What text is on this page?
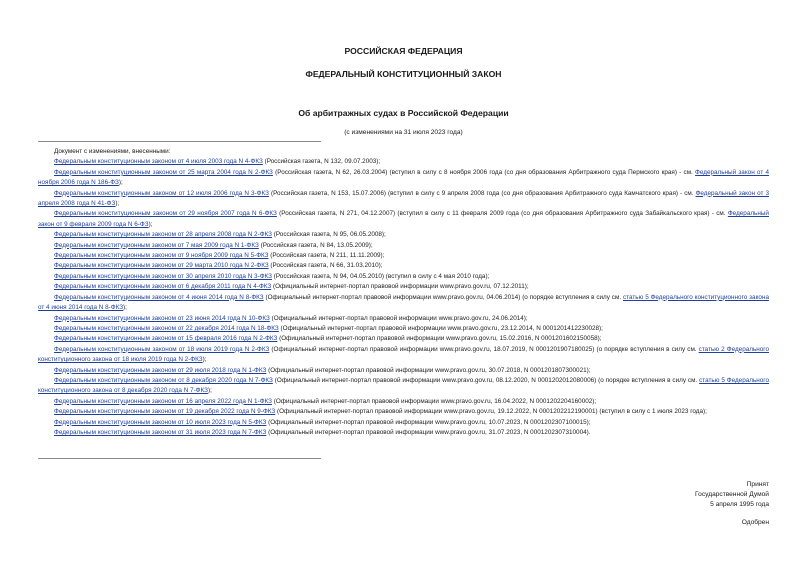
РОССИЙСКАЯ ФЕДЕРАЦИЯ
ФЕДЕРАЛЬНЫЙ КОНСТИТУЦИОННЫЙ ЗАКОН
Об арбитражных судах в Российской Федерации
(с изменениями на 31 июля 2023 года)
Документ с изменениями, внесенными:
Федеральным конституционным законом от 4 июля 2003 года N 4-ФКЗ (Российская газета, N 132, 09.07.2003);
Федеральным конституционным законом от 25 марта 2004 года N 2-ФКЗ (Российская газета, N 62, 26.03.2004) (вступил в силу с 8 ноября 2006 года (со дня образования Арбитражного суда Пермского края) - см. Федеральный закон от 4 ноября 2006 года N 186-ФЗ);
Федеральным конституционным законом от 12 июля 2006 года N 3-ФКЗ (Российская газета, N 153, 15.07.2006) (вступил в силу с 9 апреля 2008 года (со дня образования Арбитражного суда Камчатского края) - см. Федеральный закон от 3 апреля 2008 года N 41-ФЗ);
Федеральным конституционным законом от 29 ноября 2007 года N 6-ФКЗ (Российская газета, N 271, 04.12.2007) (вступил в силу с 11 февраля 2009 года (со дня образования Арбитражного суда Забайкальского края) - см. Федеральный закон от 9 февраля 2009 года N 6-ФЗ);
Федеральным конституционным законом от 28 апреля 2008 года N 2-ФКЗ (Российская газета, N 95, 06.05.2008);
Федеральным конституционным законом от 7 мая 2009 года N 1-ФКЗ (Российская газета, N 84, 13.05.2009);
Федеральным конституционным законом от 9 ноября 2009 года N 5-ФКЗ (Российская газета, N 211, 11.11.2009);
Федеральным конституционным законом от 29 марта 2010 года N 2-ФКЗ (Российская газета, N 66, 31.03.2010);
Федеральным конституционным законом от 30 апреля 2010 года N 3-ФКЗ (Российская газета, N 94, 04.05.2010) (вступил в силу с 4 мая 2010 года);
Федеральным конституционным законом от 6 декабря 2011 года N 4-ФКЗ (Официальный интернет-портал правовой информации www.pravo.gov.ru, 07.12.2011);
Федеральным конституционным законом от 4 июня 2014 года N 8-ФКЗ (Официальный интернет-портал правовой информации www.pravo.gov.ru, 04.06.2014) (о порядке вступления в силу см. статью 5 Федерального конституционного закона от 4 июня 2014 года N 8-ФКЗ);
Федеральным конституционным законом от 23 июня 2014 года N 10-ФКЗ (Официальный интернет-портал правовой информации www.pravo.gov.ru, 24.06.2014);
Федеральным конституционным законом от 22 декабря 2014 года N 18-ФКЗ (Официальный интернет-портал правовой информации www.pravo.gov.ru, 23.12.2014, N 0001201412230028);
Федеральным конституционным законом от 15 февраля 2016 года N 2-ФКЗ (Официальный интернет-портал правовой информации www.pravo.gov.ru, 15.02.2016, N 0001201602150058);
Федеральным конституционным законом от 18 июля 2019 года N 2-ФКЗ (Официальный интернет-портал правовой информации www.pravo.gov.ru, 18.07.2019, N 0001201907180025) (о порядке вступления в силу см. статью 2 Федерального конституционного закона от 18 июля 2019 года N 2-ФКЗ);
Федеральным конституционным законом от 29 июля 2018 года N 1-ФКЗ (Официальный интернет-портал правовой информации www.pravo.gov.ru, 30.07.2018, N 0001201807300021);
Федеральным конституционным законом от 8 декабря 2020 года N 7-ФКЗ (Официальный интернет-портал правовой информации www.pravo.gov.ru, 08.12.2020, N 0001202012080006) (о порядке вступления в силу см. статью 5 Федерального конституционного закона от 8 декабря 2020 года N 7-ФКЗ);
Федеральным конституционным законом от 16 апреля 2022 года N 1-ФКЗ (Официальный интернет-портал правовой информации www.pravo.gov.ru, 16.04.2022, N 0001202204160002);
Федеральным конституционным законом от 19 декабря 2022 года N 9-ФКЗ (Официальный интернет-портал правовой информации www.pravo.gov.ru, 19.12.2022, N 0001202212190001) (вступил в силу с 1 июля 2023 года);
Федеральным конституционным законом от 10 июля 2023 года N 5-ФКЗ (Официальный интернет-портал правовой информации www.pravo.gov.ru, 10.07.2023, N 0001202307100015);
Федеральным конституционным законом от 31 июля 2023 года N 7-ФКЗ (Официальный интернет-портал правовой информации www.pravo.gov.ru, 31.07.2023, N 0001202307310004).
Принят
Государственной Думой
5 апреля 1995 года
Одобрен
